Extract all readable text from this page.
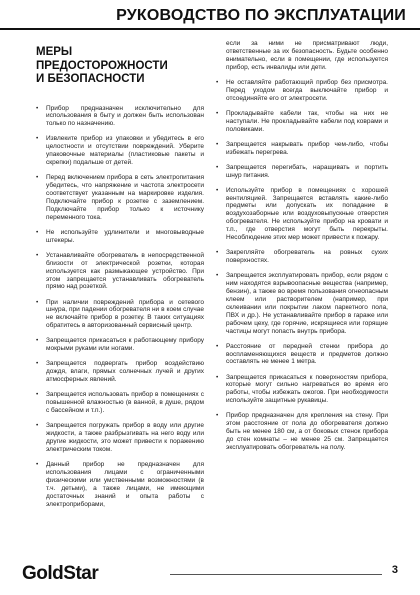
РУКОВОДСТВО ПО ЭКСПЛУАТАЦИИ
МЕРЫ ПРЕДОСТОРОЖНОСТИ
И БЕЗОПАСНОСТИ
• Прибор предназначен исключительно для использования в быту и должен быть использован только по назначению.
• Извлеките прибор из упаковки и убедитесь в его целостности и отсутствии повреждений. Уберите упаковочные материалы (пластиковые пакеты и скрепки) подальше от детей.
• Перед включением прибора в сеть электропитания убедитесь, что напряжение и частота электросети соответствует указанным на маркировке изделия. Подключайте прибор к розетке с заземлением. Подключайте прибор только к источнику переменного тока.
• Не используйте удлинители и многовыводные штекеры.
• Устанавливайте обогреватель в непосредственной близости от электрической розетки, которая используется как размыкающее устройство. При этом запрещается устанавливать обогреватель прямо над розеткой.
• При наличии повреждений прибора и сетевого шнура, при падении обогревателя ни в коем случае не включайте прибор в розетку. В таких ситуациях обратитесь в авторизованный сервисный центр.
• Запрещается прикасаться к работающему прибору мокрыми руками или ногами.
• Запрещается подвергать прибор воздействию дождя, влаги, прямых солнечных лучей и других атмосферных явлений.
• Запрещается использовать прибор в помещениях с повышенной влажностью (в ванной, в душе, рядом с бассейном и т.п.).
• Запрещается погружать прибор в воду или другие жидкости, а также разбрызгивать на него воду или другие жидкости, это может привести к поражению электрическим током.
• Данный прибор не предназначен для использования лицами с ограниченными физическими или умственными возможностями (в т.ч. детьми), а также лицами, не имеющими достаточных знаний и опыта работы с электроприборами,
если за ними не присматривают люди, ответственные за их безопасность. Будьте особенно внимательно, если в помещении, где используется прибор, есть инвалиды или дети.
• Не оставляйте работающий прибор без присмотра. Перед уходом всегда выключайте прибор и отсоединяйте его от электросети.
• Прокладывайте кабели так, чтобы на них не наступали. Не прокладывайте кабели под коврами и половиками.
• Запрещается накрывать прибор чем-либо, чтобы избежать перегрева.
• Запрещается перегибать, наращивать и портить шнур питания.
• Используйте прибор в помещениях с хорошей вентиляцией. Запрещается вставлять какие-либо предметы или допускать их попадание в воздухозаборные или воздуховыпускные отверстия обогревателя. Не используйте прибор на кровати и т.п., где отверстия могут быть перекрыты. Несоблюдение этих мер может привести к пожару.
• Закрепляйте обогреватель на ровных сухих поверхностях.
• Запрещается эксплуатировать прибор, если рядом с ним находятся взрывоопасные вещества (например, бензин), а также во время пользования огнеопасным клеем или растворителем (например, при склеивании или покрытии лаком паркетного пола, ПВХ и др.). Не устанавливайте прибор в гараже или рабочем цеху, где горячие, искрящиеся или горящие частицы могут попасть внутрь прибора.
• Расстояние от передней стенки прибора до воспламеняющихся веществ и предметов должно составлять не менее 1 метра.
• Запрещается прикасаться к поверхностям прибора, которые могут сильно нагреваться во время его работы, чтобы избежать ожогов. При необходимости используйте защитные рукавицы.
• Прибор предназначен для крепления на стену. При этом расстояние от пола до обогревателя должно быть не менее 180 см, а от боковых стенок прибора до стен комнаты – не менее 25 см. Запрещается эксплуатировать обогреватель на полу.
GoldStar	3
